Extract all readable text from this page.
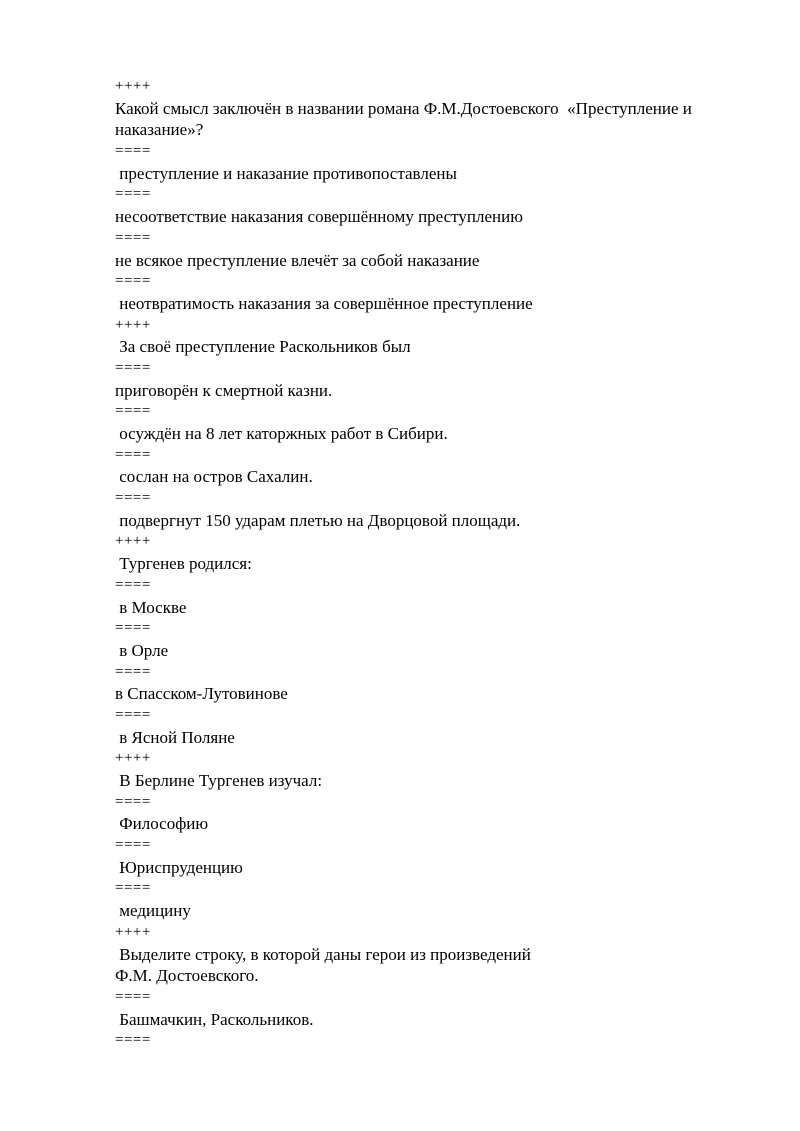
++++

Какой смысл заключён в названии романа Ф.М.Достоевского  «Преступление и

наказание»?

====

преступление и наказание противопоставлены

====

несоответствие наказания совершённому преступлению

====

не всякое преступление влечёт за собой наказание

====

неотвратимость наказания за совершённое преступление

++++

За своё преступление Раскольников был

====

приговорён к смертной казни.

====

осуждён на 8 лет каторжных работ в Сибири.

====

сослан на остров Сахалин.

====

подвергнут 150 ударам плетью на Дворцовой площади.

++++

Тургенев родился:

====

в Москве

====

в Орле

====

в Спасском-Лутовинове

====

в Ясной Поляне

++++

В Берлине Тургенев изучал:

====

Философию

====

Юриспруденцию

====

медицину

++++

Выделите строку, в которой даны герои из произведений

Ф.М. Достоевского.

====

Башмачкин, Раскольников.

====
